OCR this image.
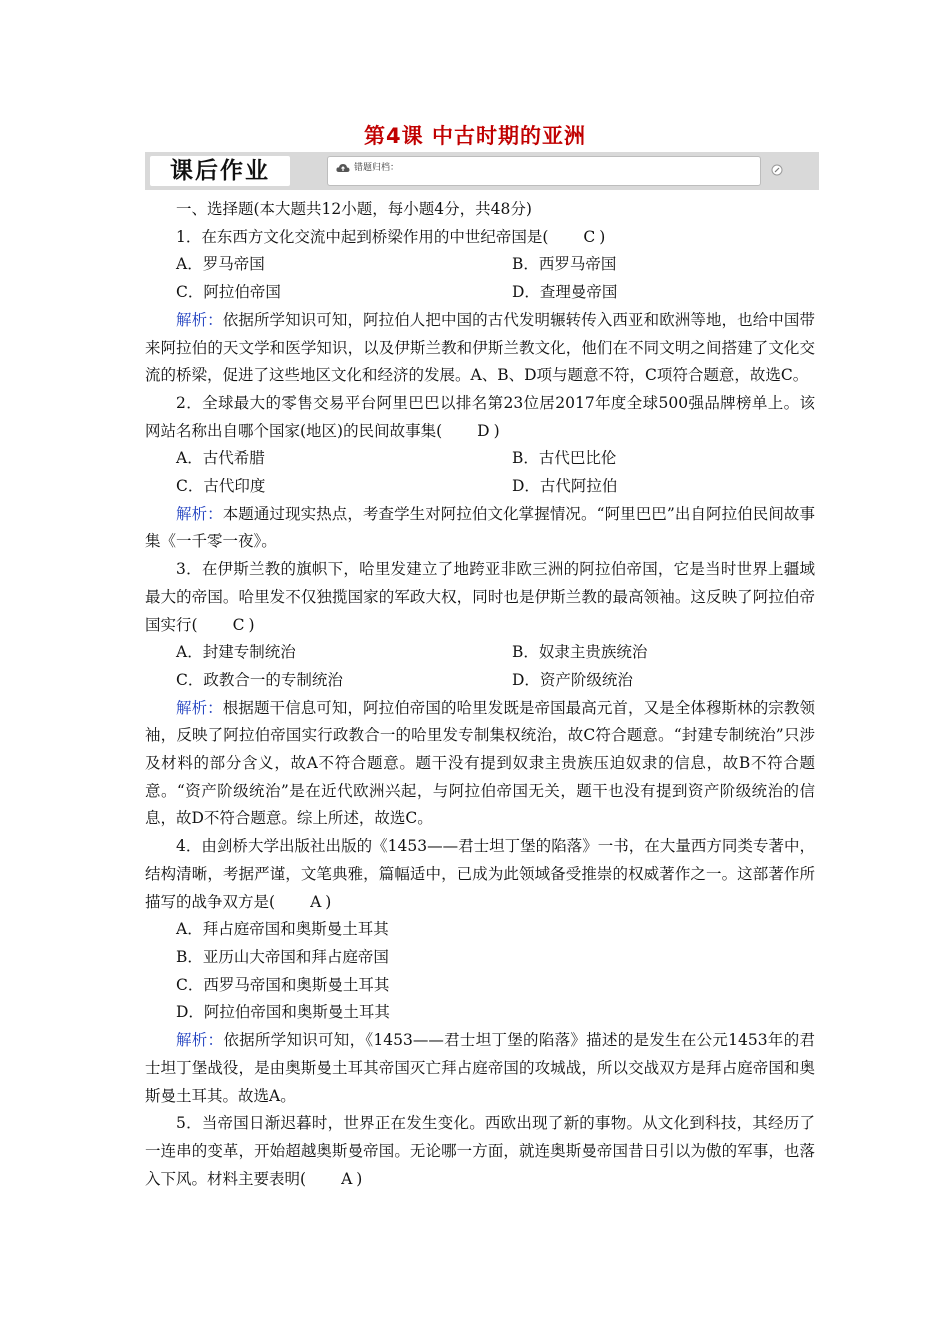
第4课 中古时期的亚洲
课后作业	错题归档：

一、选择题(本大题共12小题，每小题4分，共48分)

1．在东西方文化交流中起到桥梁作用的中世纪帝国是( C )

A．罗马帝国	B．西罗马帝国
C．阿拉伯帝国	D．查理曼帝国

解析：依据所学知识可知，阿拉伯人把中国的古代发明辗转传入西亚和欧洲等地，也给中国带来阿拉伯的天文学和医学知识，以及伊斯兰教和伊斯兰教文化，他们在不同文明之间搭建了文化交流的桥梁，促进了这些地区文化和经济的发展。A、B、D项与题意不符，C项符合题意，故选C。

2．全球最大的零售交易平台阿里巴巴以排名第23位居2017年度全球500强品牌榜单上。该网站名称出自哪个国家(地区)的民间故事集( D )

A．古代希腊	B．古代巴比伦
C．古代印度	D．古代阿拉伯

解析：本题通过现实热点，考查学生对阿拉伯文化掌握情况。“阿里巴巴”出自阿拉伯民间故事集《一千零一夜》。

3．在伊斯兰教的旗帜下，哈里发建立了地跨亚非欧三洲的阿拉伯帝国，它是当时世界上疆域最大的帝国。哈里发不仅独揽国家的军政大权，同时也是伊斯兰教的最高领袖。这反映了阿拉伯帝国实行( C )

A．封建专制统治	B．奴隶主贵族统治
C．政教合一的专制统治	D．资产阶级统治

解析：根据题干信息可知，阿拉伯帝国的哈里发既是帝国最高元首，又是全体穆斯林的宗教领袖，反映了阿拉伯帝国实行政教合一的哈里发专制集权统治，故C符合题意。“封建专制统治”只涉及材料的部分含义，故A不符合题意。题干没有提到奴隶主贵族压迫奴隶的信息，故B不符合题意。“资产阶级统治”是在近代欧洲兴起，与阿拉伯帝国无关，题干也没有提到资产阶级统治的信息，故D不符合题意。综上所述，故选C。

4．由剑桥大学出版社出版的《1453——君士坦丁堡的陷落》一书，在大量西方同类专著中，结构清晰，考据严谨，文笔典雅，篇幅适中，已成为此领域备受推崇的权威著作之一。这部著作所描写的战争双方是( A )

A．拜占庭帝国和奥斯曼土耳其

B．亚历山大帝国和拜占庭帝国

C．西罗马帝国和奥斯曼土耳其

D．阿拉伯帝国和奥斯曼土耳其

解析：依据所学知识可知，《1453——君士坦丁堡的陷落》描述的是发生在公元1453年的君士坦丁堡战役，是由奥斯曼土耳其帝国灭亡拜占庭帝国的攻城战，所以交战双方是拜占庭帝国和奥斯曼土耳其。故选A。

5．当帝国日渐迟暮时，世界正在发生变化。西欧出现了新的事物。从文化到科技，其经历了一连串的变革，开始超越奥斯曼帝国。无论哪一方面，就连奥斯曼帝国昔日引以为傲的军事，也落入下风。材料主要表明( A )
